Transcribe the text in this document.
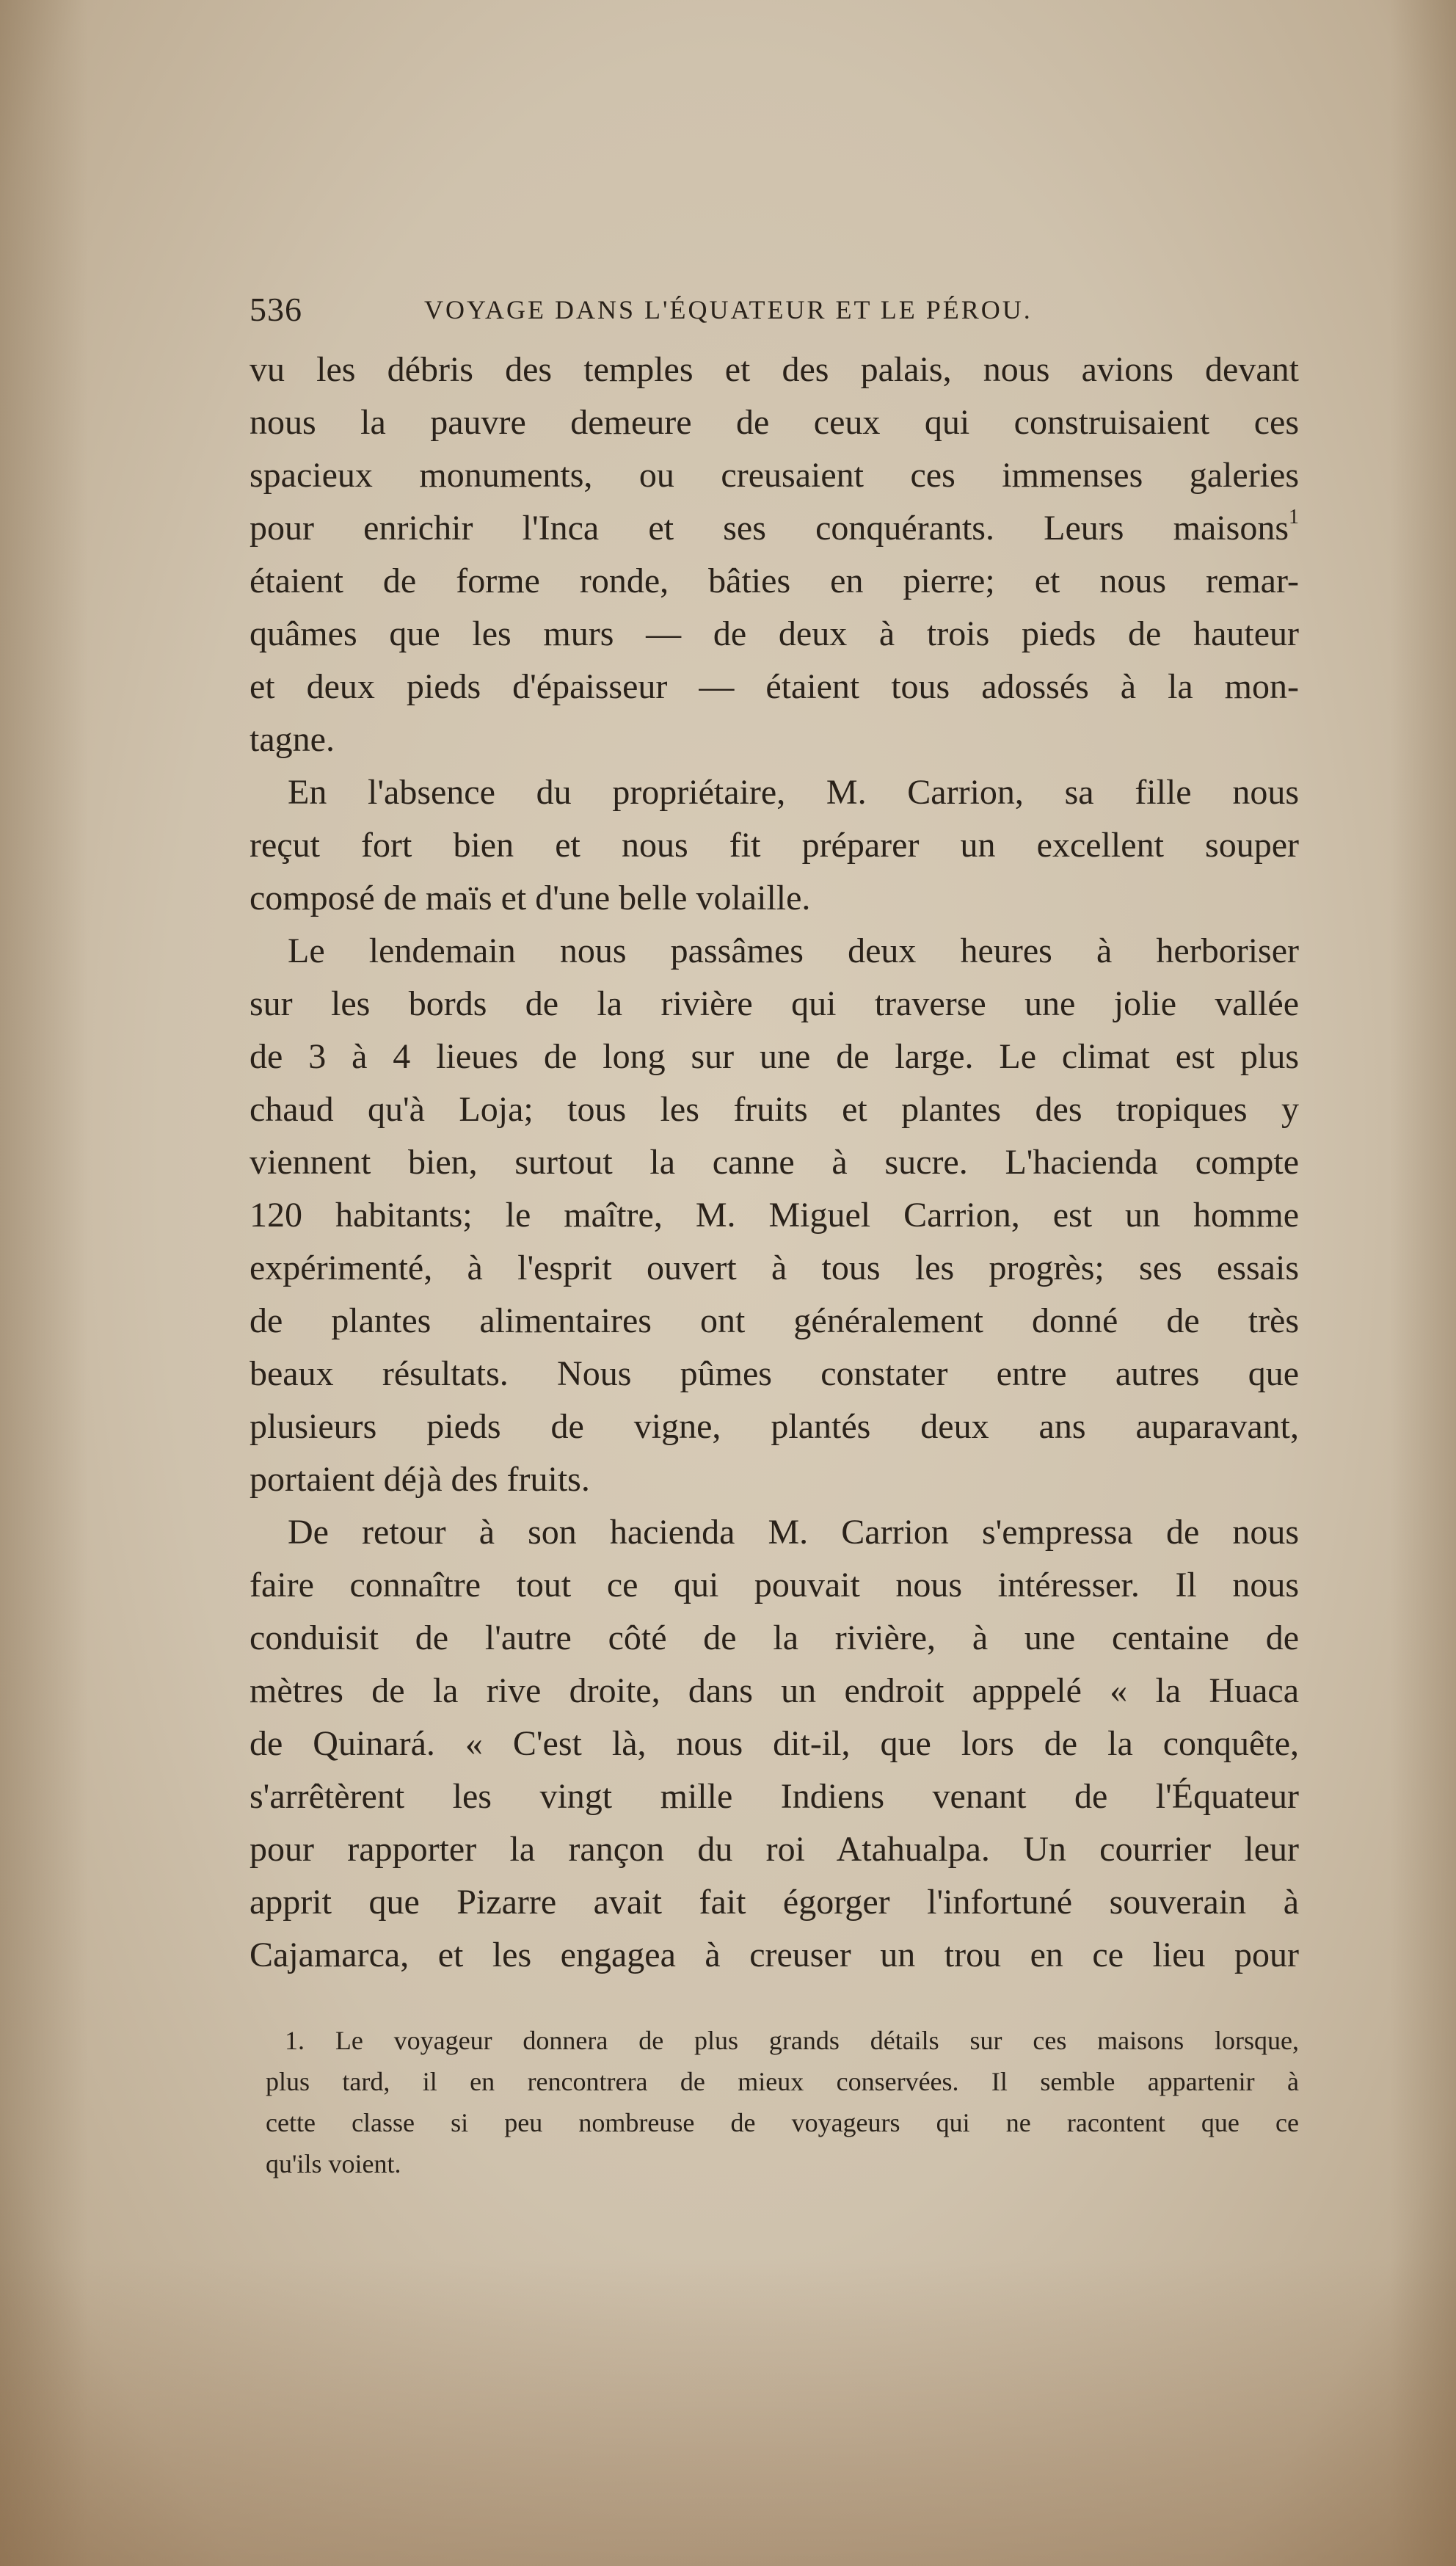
536	VOYAGE DANS L'ÉQUATEUR ET LE PÉROU.
vu les débris des temples et des palais, nous avions devant
nous la pauvre demeure de ceux qui construisaient ces
spacieux monuments, ou creusaient ces immenses galeries
pour enrichir l'Inca et ses conquérants. Leurs maisons$^1$
étaient de forme ronde, bâties en pierre; et nous remar-
quâmes que les murs — de deux à trois pieds de hauteur
et deux pieds d'épaisseur — étaient tous adossés à la mon-
tagne.
En l'absence du propriétaire, M. Carrion, sa fille nous
reçut fort bien et nous fit préparer un excellent souper
composé de maïs et d'une belle volaille.
Le lendemain nous passâmes deux heures à herboriser
sur les bords de la rivière qui traverse une jolie vallée
de 3 à 4 lieues de long sur une de large. Le climat est plus
chaud qu'à Loja; tous les fruits et plantes des tropiques y
viennent bien, surtout la canne à sucre. L'hacienda compte
120 habitants; le maître, M. Miguel Carrion, est un homme
expérimenté, à l'esprit ouvert à tous les progrès; ses essais
de plantes alimentaires ont généralement donné de très
beaux résultats. Nous pûmes constater entre autres que
plusieurs pieds de vigne, plantés deux ans auparavant,
portaient déjà des fruits.
De retour à son hacienda M. Carrion s'empressa de nous
faire connaître tout ce qui pouvait nous intéresser. Il nous
conduisit de l'autre côté de la rivière, à une centaine de
mètres de la rive droite, dans un endroit apppelé « la Huaca
de Quinará. « C'est là, nous dit-il, que lors de la conquête,
s'arrêtèrent les vingt mille Indiens venant de l'Équateur
pour rapporter la rançon du roi Atahualpa. Un courrier leur
apprit que Pizarre avait fait égorger l'infortuné souverain à
Cajamarca, et les engagea à creuser un trou en ce lieu pour
1. Le voyageur donnera de plus grands détails sur ces maisons lorsque,
plus tard, il en rencontrera de mieux conservées. Il semble appartenir à
cette classe si peu nombreuse de voyageurs qui ne racontent que ce
qu'ils voient.
